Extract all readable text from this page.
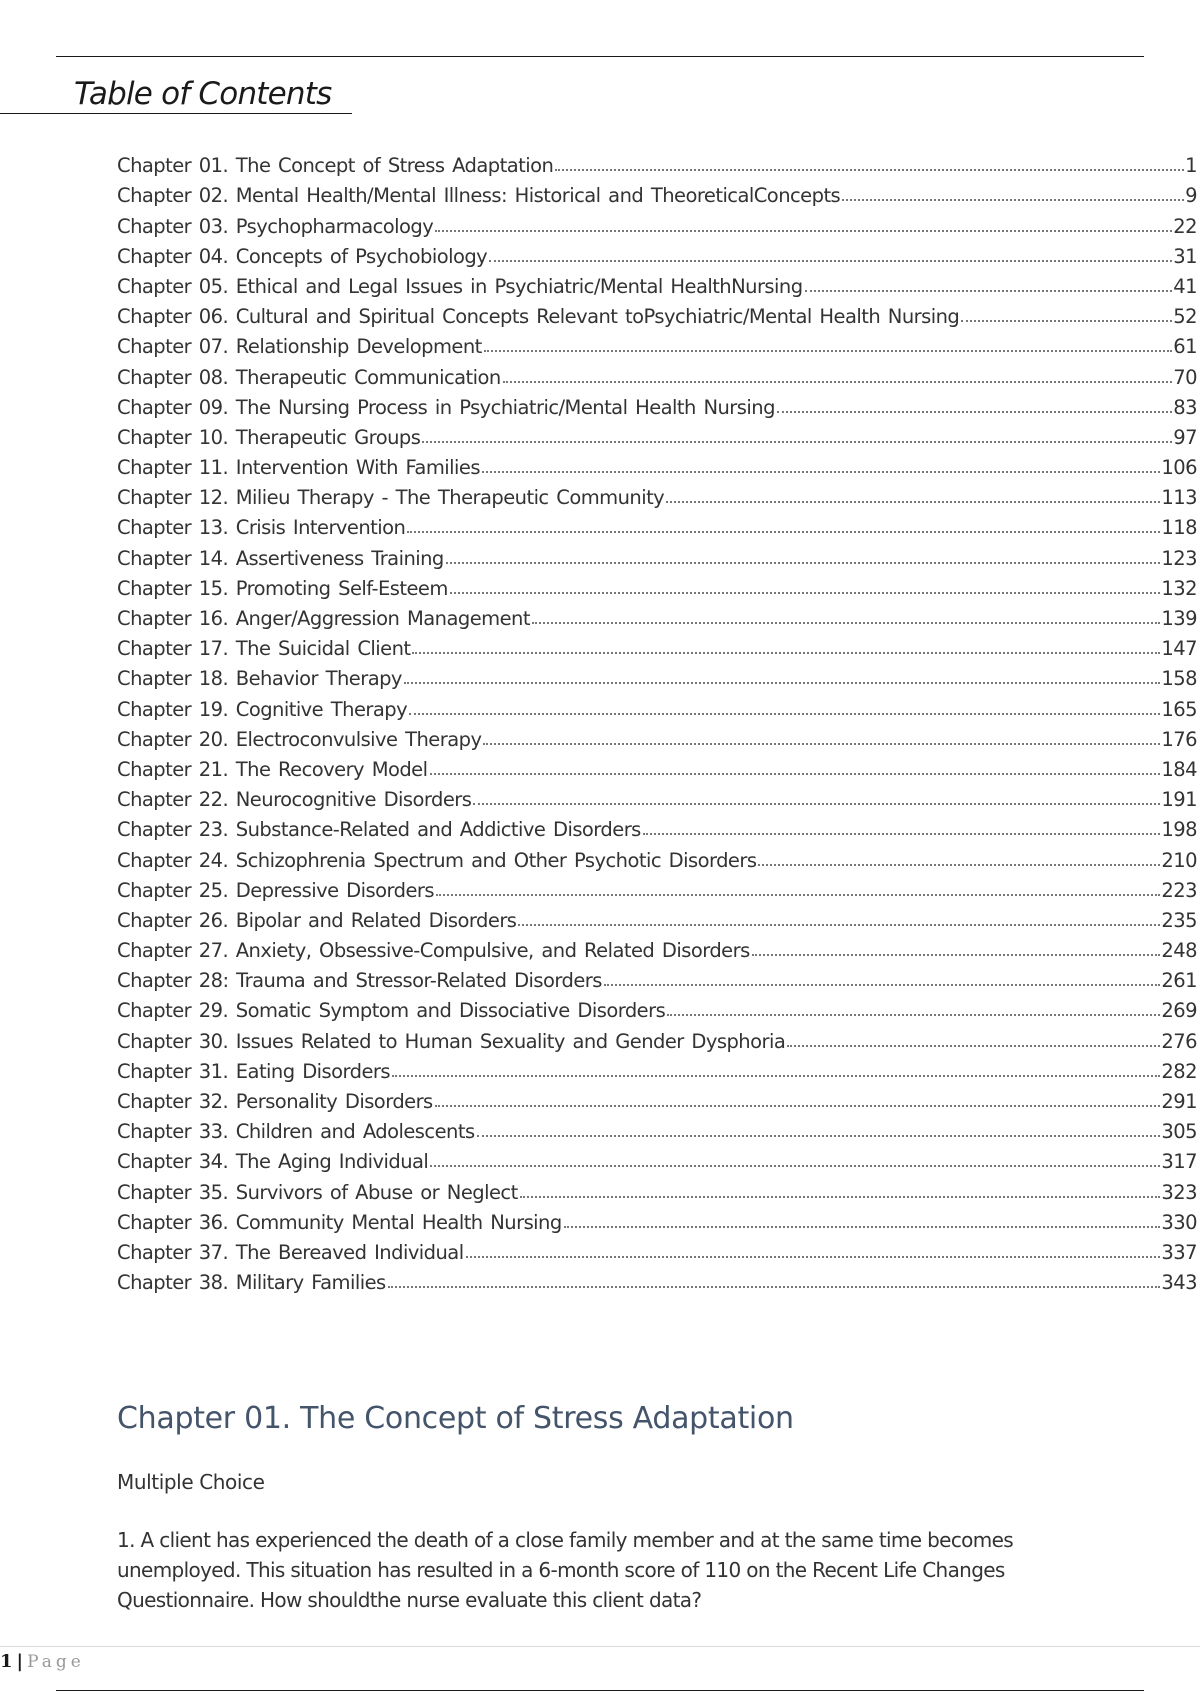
Table of Contents
Chapter 01. The Concept of Stress Adaptation	1
Chapter 02. Mental Health/Mental Illness: Historical and TheoreticalConcepts	9
Chapter 03. Psychopharmacology	22
Chapter 04. Concepts of Psychobiology	31
Chapter 05. Ethical and Legal Issues in Psychiatric/Mental HealthNursing	41
Chapter 06. Cultural and Spiritual Concepts Relevant toPsychiatric/Mental Health Nursing	52
Chapter 07. Relationship Development	61
Chapter 08. Therapeutic Communication	70
Chapter 09. The Nursing Process in Psychiatric/Mental Health Nursing	83
Chapter 10. Therapeutic Groups	97
Chapter 11. Intervention With Families	106
Chapter 12. Milieu Therapy - The Therapeutic Community	113
Chapter 13. Crisis Intervention	118
Chapter 14. Assertiveness Training	123
Chapter 15. Promoting Self-Esteem	132
Chapter 16. Anger/Aggression Management	139
Chapter 17. The Suicidal Client	147
Chapter 18. Behavior Therapy	158
Chapter 19. Cognitive Therapy	165
Chapter 20. Electroconvulsive Therapy	176
Chapter 21. The Recovery Model	184
Chapter 22. Neurocognitive Disorders	191
Chapter 23. Substance-Related and Addictive Disorders	198
Chapter 24. Schizophrenia Spectrum and Other Psychotic Disorders	210
Chapter 25. Depressive Disorders	223
Chapter 26. Bipolar and Related Disorders	235
Chapter 27. Anxiety, Obsessive-Compulsive, and Related Disorders	248
Chapter 28: Trauma and Stressor-Related Disorders	261
Chapter 29. Somatic Symptom and Dissociative Disorders	269
Chapter 30. Issues Related to Human Sexuality and Gender Dysphoria	276
Chapter 31. Eating Disorders	282
Chapter 32. Personality Disorders	291
Chapter 33. Children and Adolescents	305
Chapter 34. The Aging Individual	317
Chapter 35. Survivors of Abuse or Neglect	323
Chapter 36. Community Mental Health Nursing	330
Chapter 37. The Bereaved Individual	337
Chapter 38. Military Families	343
Chapter 01. The Concept of Stress Adaptation

Multiple Choice

1. A client has experienced the death of a close family member and at the same time becomes unemployed. This situation has resulted in a 6-month score of 110 on the Recent Life Changes Questionnaire. How shouldthe nurse evaluate this client data?

1 | Page
